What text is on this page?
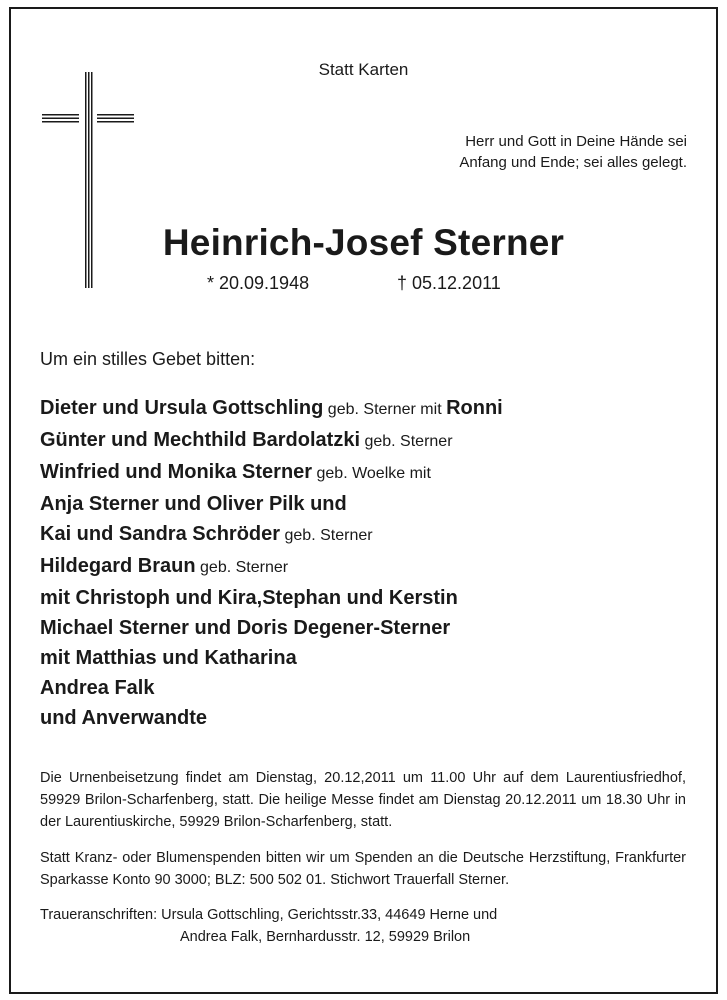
Statt Karten
Herr und Gott in Deine Hände sei
Anfang und Ende; sei alles gelegt.
Heinrich-Josef Sterner
* 20.09.1948	† 05.12.2011
Um ein stilles Gebet bitten:
Dieter und Ursula Gottschling geb. Sterner mit Ronni
Günter und Mechthild Bardolatzki geb. Sterner
Winfried und Monika Sterner geb. Woelke mit
Anja Sterner und Oliver Pilk und
Kai und Sandra Schröder geb. Sterner
Hildegard Braun geb. Sterner
mit Christoph und Kira,Stephan und Kerstin
Michael Sterner und Doris Degener-Sterner
mit Matthias und Katharina
Andrea Falk
und Anverwandte
Die Urnenbeisetzung findet am Dienstag, 20.12,2011 um 11.00 Uhr auf dem Laurentiusfriedhof, 59929 Brilon-Scharfenberg, statt. Die heilige Messe findet am Dienstag 20.12.2011 um 18.30 Uhr in der Laurentiuskirche, 59929 Brilon-Scharfenberg, statt.
Statt Kranz- oder Blumenspenden bitten wir um Spenden an die Deutsche Herzstiftung, Frankfurter Sparkasse Konto 90 3000; BLZ: 500 502 01. Stichwort Trauerfall Sterner.
Traueranschriften: Ursula Gottschling, Gerichtsstr.33, 44649 Herne und
Andrea Falk, Bernhardusstr. 12, 59929 Brilon
